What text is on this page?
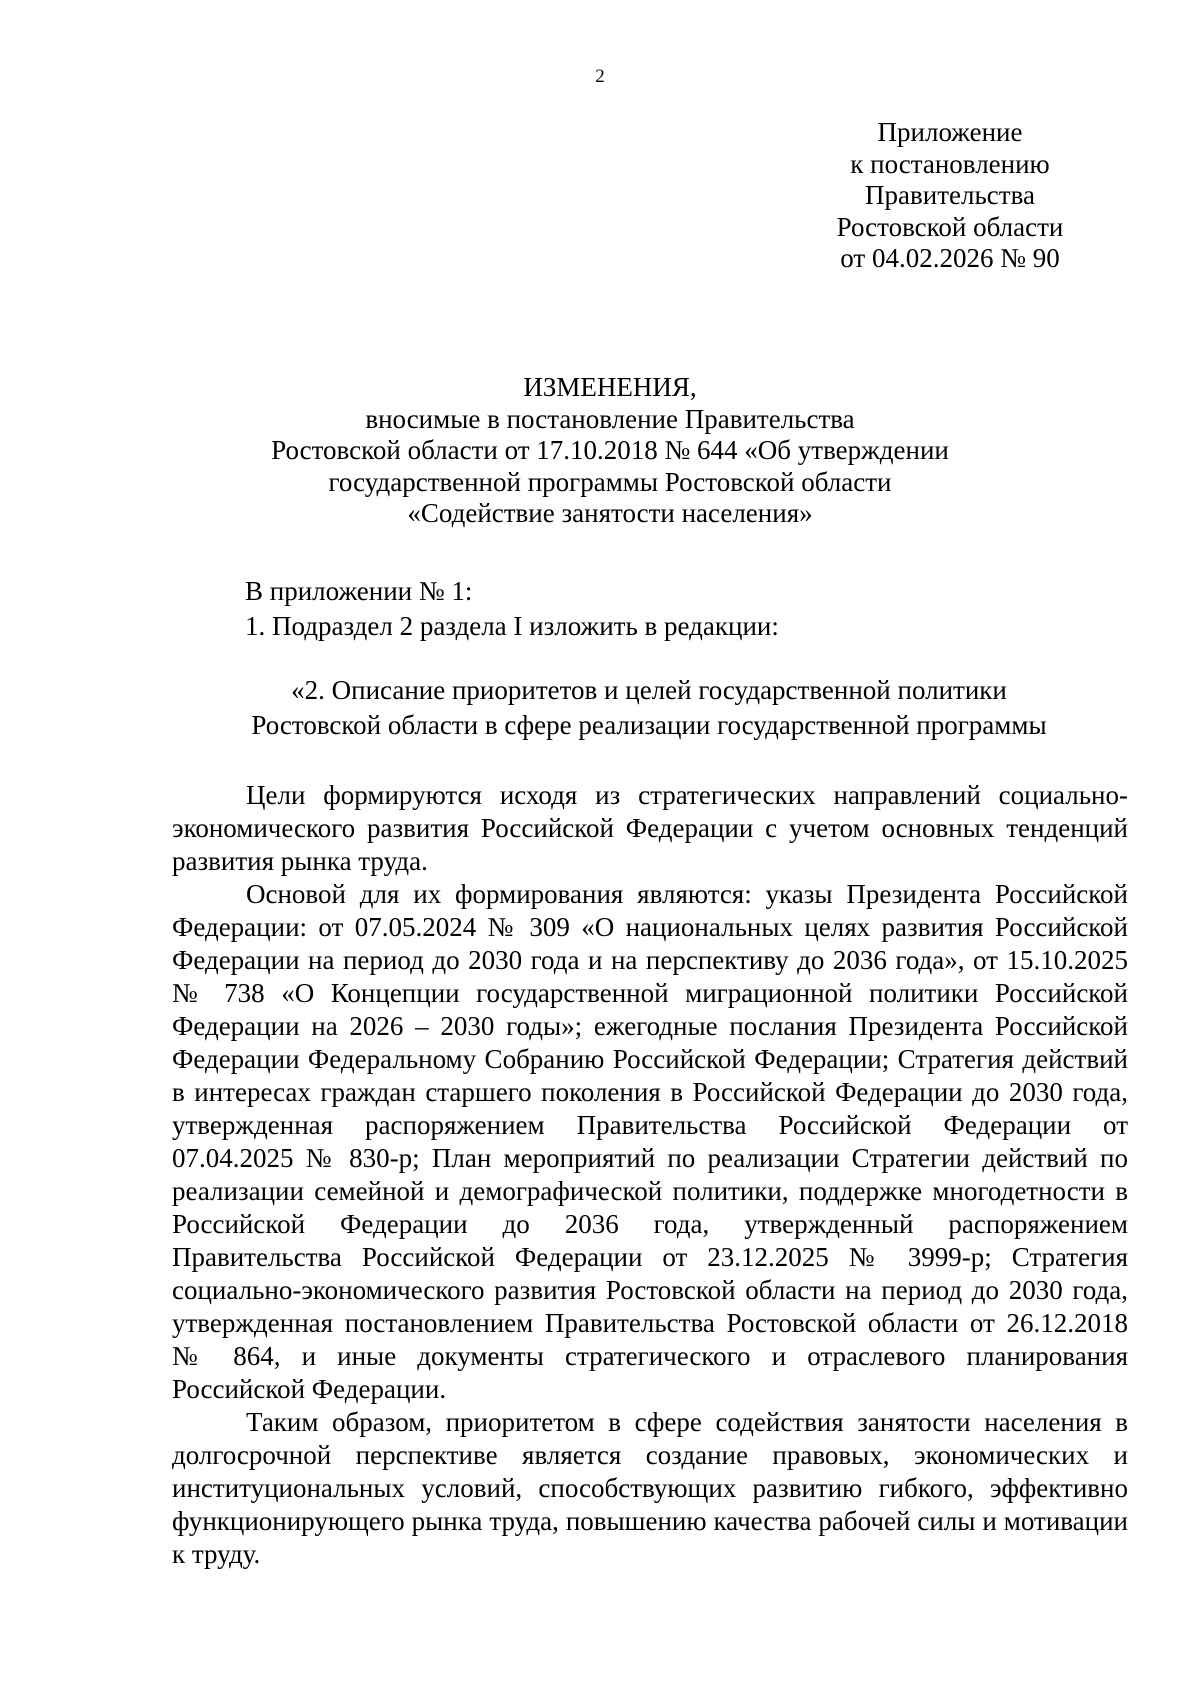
2
Приложение
к постановлению
Правительства
Ростовской области
от 04.02.2026 № 90
ИЗМЕНЕНИЯ,
вносимые в постановление Правительства
Ростовской области от 17.10.2018 № 644 «Об утверждении
государственной программы Ростовской области
«Содействие занятости населения»
В приложении № 1:
1. Подраздел 2 раздела I изложить в редакции:
«2. Описание приоритетов и целей государственной политики
Ростовской области в сфере реализации государственной программы

Цели формируются исходя из стратегических направлений социально-экономического развития Российской Федерации с учетом основных тенденций развития рынка труда.

Основой для их формирования являются: указы Президента Российской Федерации: от 07.05.2024 № 309 «О национальных целях развития Российской Федерации на период до 2030 года и на перспективу до 2036 года», от 15.10.2025 № 738 «О Концепции государственной миграционной политики Российской Федерации на 2026 – 2030 годы»; ежегодные послания Президента Российской Федерации Федеральному Собранию Российской Федерации; Стратегия действий в интересах граждан старшего поколения в Российской Федерации до 2030 года, утвержденная распоряжением Правительства Российской Федерации от 07.04.2025 № 830-р; План мероприятий по реализации Стратегии действий по реализации семейной и демографической политики, поддержке многодетности в Российской Федерации до 2036 года, утвержденный распоряжением Правительства Российской Федерации от 23.12.2025 № 3999-р; Стратегия социально-экономического развития Ростовской области на период до 2030 года, утвержденная постановлением Правительства Ростовской области от 26.12.2018 № 864, и иные документы стратегического и отраслевого планирования Российской Федерации.

Таким образом, приоритетом в сфере содействия занятости населения в долгосрочной перспективе является создание правовых, экономических и институциональных условий, способствующих развитию гибкого, эффективно функционирующего рынка труда, повышению качества рабочей силы и мотивации к труду.
